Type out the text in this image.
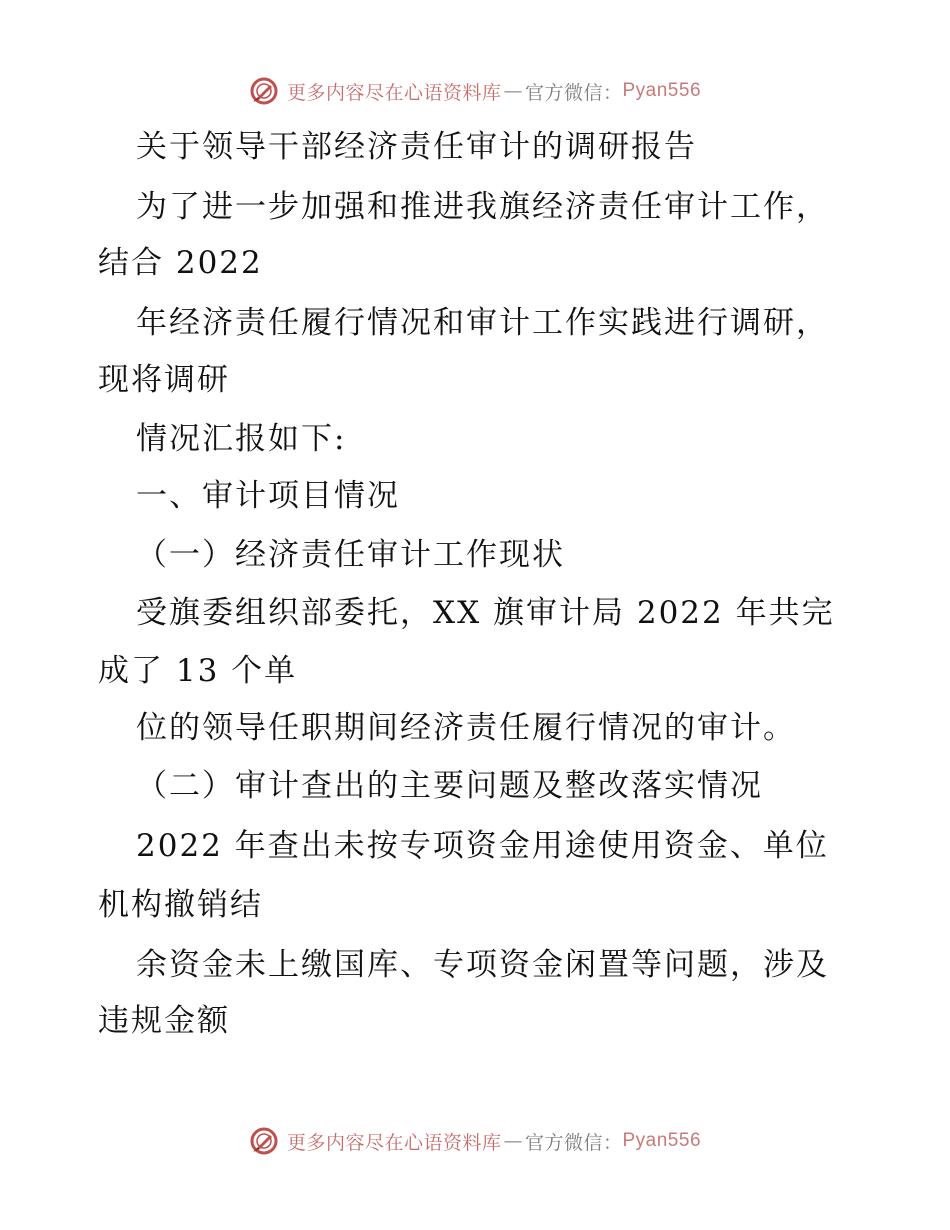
更多内容尽在心语资料库 — 官方微信： Pyan556
关于领导干部经济责任审计的调研报告
为了进一步加强和推进我旗经济责任审计工作，
结合 2022
年经济责任履行情况和审计工作实践进行调研，
现将调研
情况汇报如下:
一、审计项目情况
（一）经济责任审计工作现状
受旗委组织部委托，XX 旗审计局 2022 年共完
成了 13 个单
位的领导任职期间经济责任履行情况的审计。
（二）审计查出的主要问题及整改落实情况
2022 年查出未按专项资金用途使用资金、单位
机构撤销结
余资金未上缴国库、专项资金闲置等问题，涉及
违规金额
更多内容尽在心语资料库 — 官方微信： Pyan556
